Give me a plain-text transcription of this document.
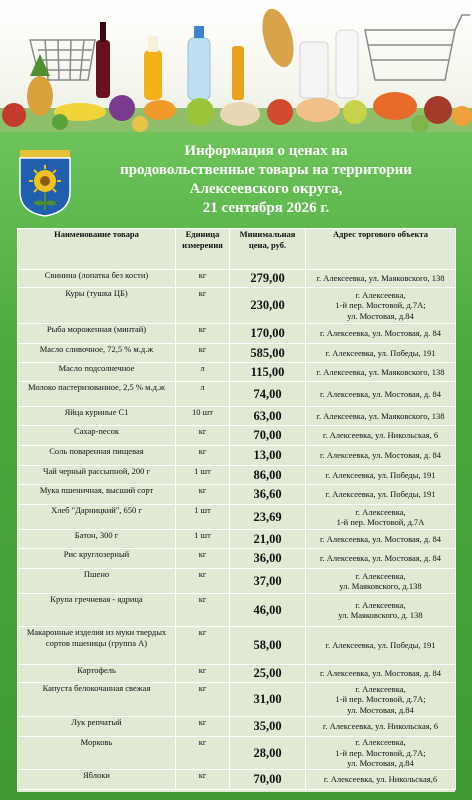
Информация о ценах на
продовольственные товары на территории
Алексеевского округа,
21 сентября 2026 г.
Наименование товара	Единица измерения	Минимальная цена, руб.	Адрес торгового объекта
Свинина (лопатка без кости)	кг	279,00	г. Алексеевка, ул. Маяковского, 138
Куры (тушка ЦБ)	кг	230,00	г. Алексеевка,
1-й пер. Мостовой, д.7А;
ул. Мостовая, д.84
Рыба мороженная (минтай)	кг	170,00	г. Алексеевка, ул. Мостовая, д. 84
Масло сливочное, 72,5 % м.д.ж	кг	585,00	г. Алексеевка, ул. Победы, 191
Масло подсолнечное	л	115,00	г. Алексеевка, ул. Маяковского, 138
Молоко пастеризованное, 2,5 % м.д.ж	л	74,00	г. Алексеевка, ул. Мостовая, д. 84
Яйца куриные С1	10 шт	63,00	г. Алексеевка, ул. Маяковского, 138
Сахар-песок	кг	70,00	г. Алексеевка, ул. Никольская, 6
Соль поваренная пищевая	кг	13,00	г. Алексеевка, ул. Мостовая, д. 84
Чай черный рассыпной, 200 г	1 шт	86,00	г. Алексеевка, ул. Победы, 191
Мука пшеничная, высший сорт	кг	36,60	г. Алексеевка, ул. Победы, 191
Хлеб "Дарницкий", 650 г	1 шт	23,69	г. Алексеевка,
1-й пер. Мостовой, д.7А
Батон, 300 г	1 шт	21,00	г. Алексеевка, ул. Мостовая, д. 84
Рис круглозерный	кг	36,00	г. Алексеевка, ул. Мостовая, д. 84
Пшено	кг	37,00	г. Алексеевка,
ул. Маяковского, д.138
Крупа гречневая - ядрица	кг	46,00	г. Алексеевка,
ул. Маяковского, д. 138
Макаронные изделия из муки твердых сортов пшеницы (группа А)	кг	58,00	г. Алексеевка, ул. Победы, 191
Картофель	кг	25,00	г. Алексеевка, ул. Мостовая, д. 84
Капуста белокочанная свежая	кг	31,00	г. Алексеевка,
1-й пер. Мостовой, д.7А;
ул. Мостовая, д.84
Лук репчатый	кг	35,00	г. Алексеевка, ул. Никольская, 6
Морковь	кг	28,00	г. Алексеевка,
1-й пер. Мостовой, д.7А;
ул. Мостовая, д.84
Яблоки	кг	70,00	г. Алексеевка, ул. Никольская,6
